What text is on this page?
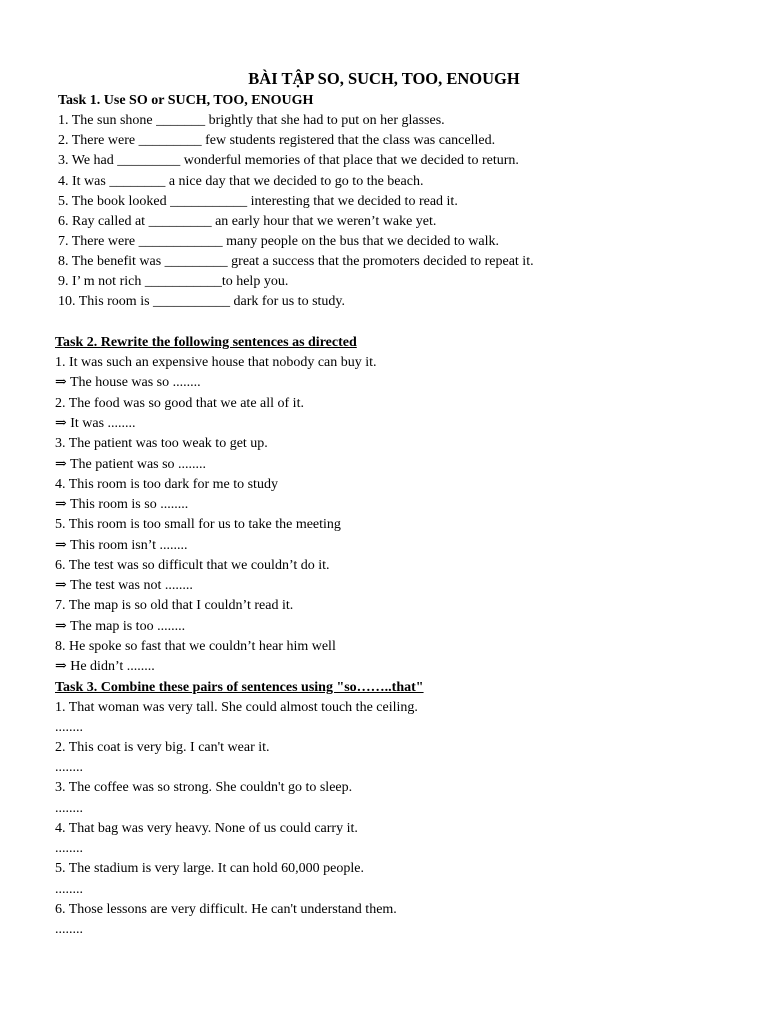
BÀI TẬP SO, SUCH, TOO, ENOUGH
Task 1. Use SO or SUCH, TOO, ENOUGH
1. The sun shone _______ brightly that she had to put on her glasses.
2. There were _________ few students registered that the class was cancelled.
3. We had _________ wonderful memories of that place that we decided to return.
4. It was ________ a nice day that we decided to go to the beach.
5. The book looked ___________ interesting that we decided to read it.
6. Ray called at _________ an early hour that we weren’t wake yet.
7. There were ____________ many people on the bus that we decided to walk.
8. The benefit was _________ great a success that the promoters decided to repeat it.
9. I’ m not rich ___________to help you.
10. This room is ___________ dark for us to study.
Task 2. Rewrite the following sentences as directed
1. It was such an expensive house that nobody can buy it.
⇒ The house was so ........
2. The food was so good that we ate all of it.
⇒ It was ........
3. The patient was too weak to get up.
⇒ The patient was so ........
4. This room is too dark for me to study
⇒ This room is so ........
5. This room is too small for us to take the meeting
⇒ This room isn’t ........
6. The test was so difficult that we couldn’t do it.
⇒ The test was not ........
7. The map is so old that I couldn’t read it.
⇒ The map is too ........
8. He spoke so fast that we couldn’t hear him well
⇒ He didn’t ........
Task 3. Combine these pairs of sentences using "so……..that"
1. That woman was very tall. She could almost touch the ceiling.
........
2. This coat is very big. I can't wear it.
........
3. The coffee was so strong. She couldn't go to sleep.
........
4. That bag was very heavy. None of us could carry it.
........
5. The stadium is very large. It can hold 60,000 people.
........
6. Those lessons are very difficult. He can't understand them.
........
